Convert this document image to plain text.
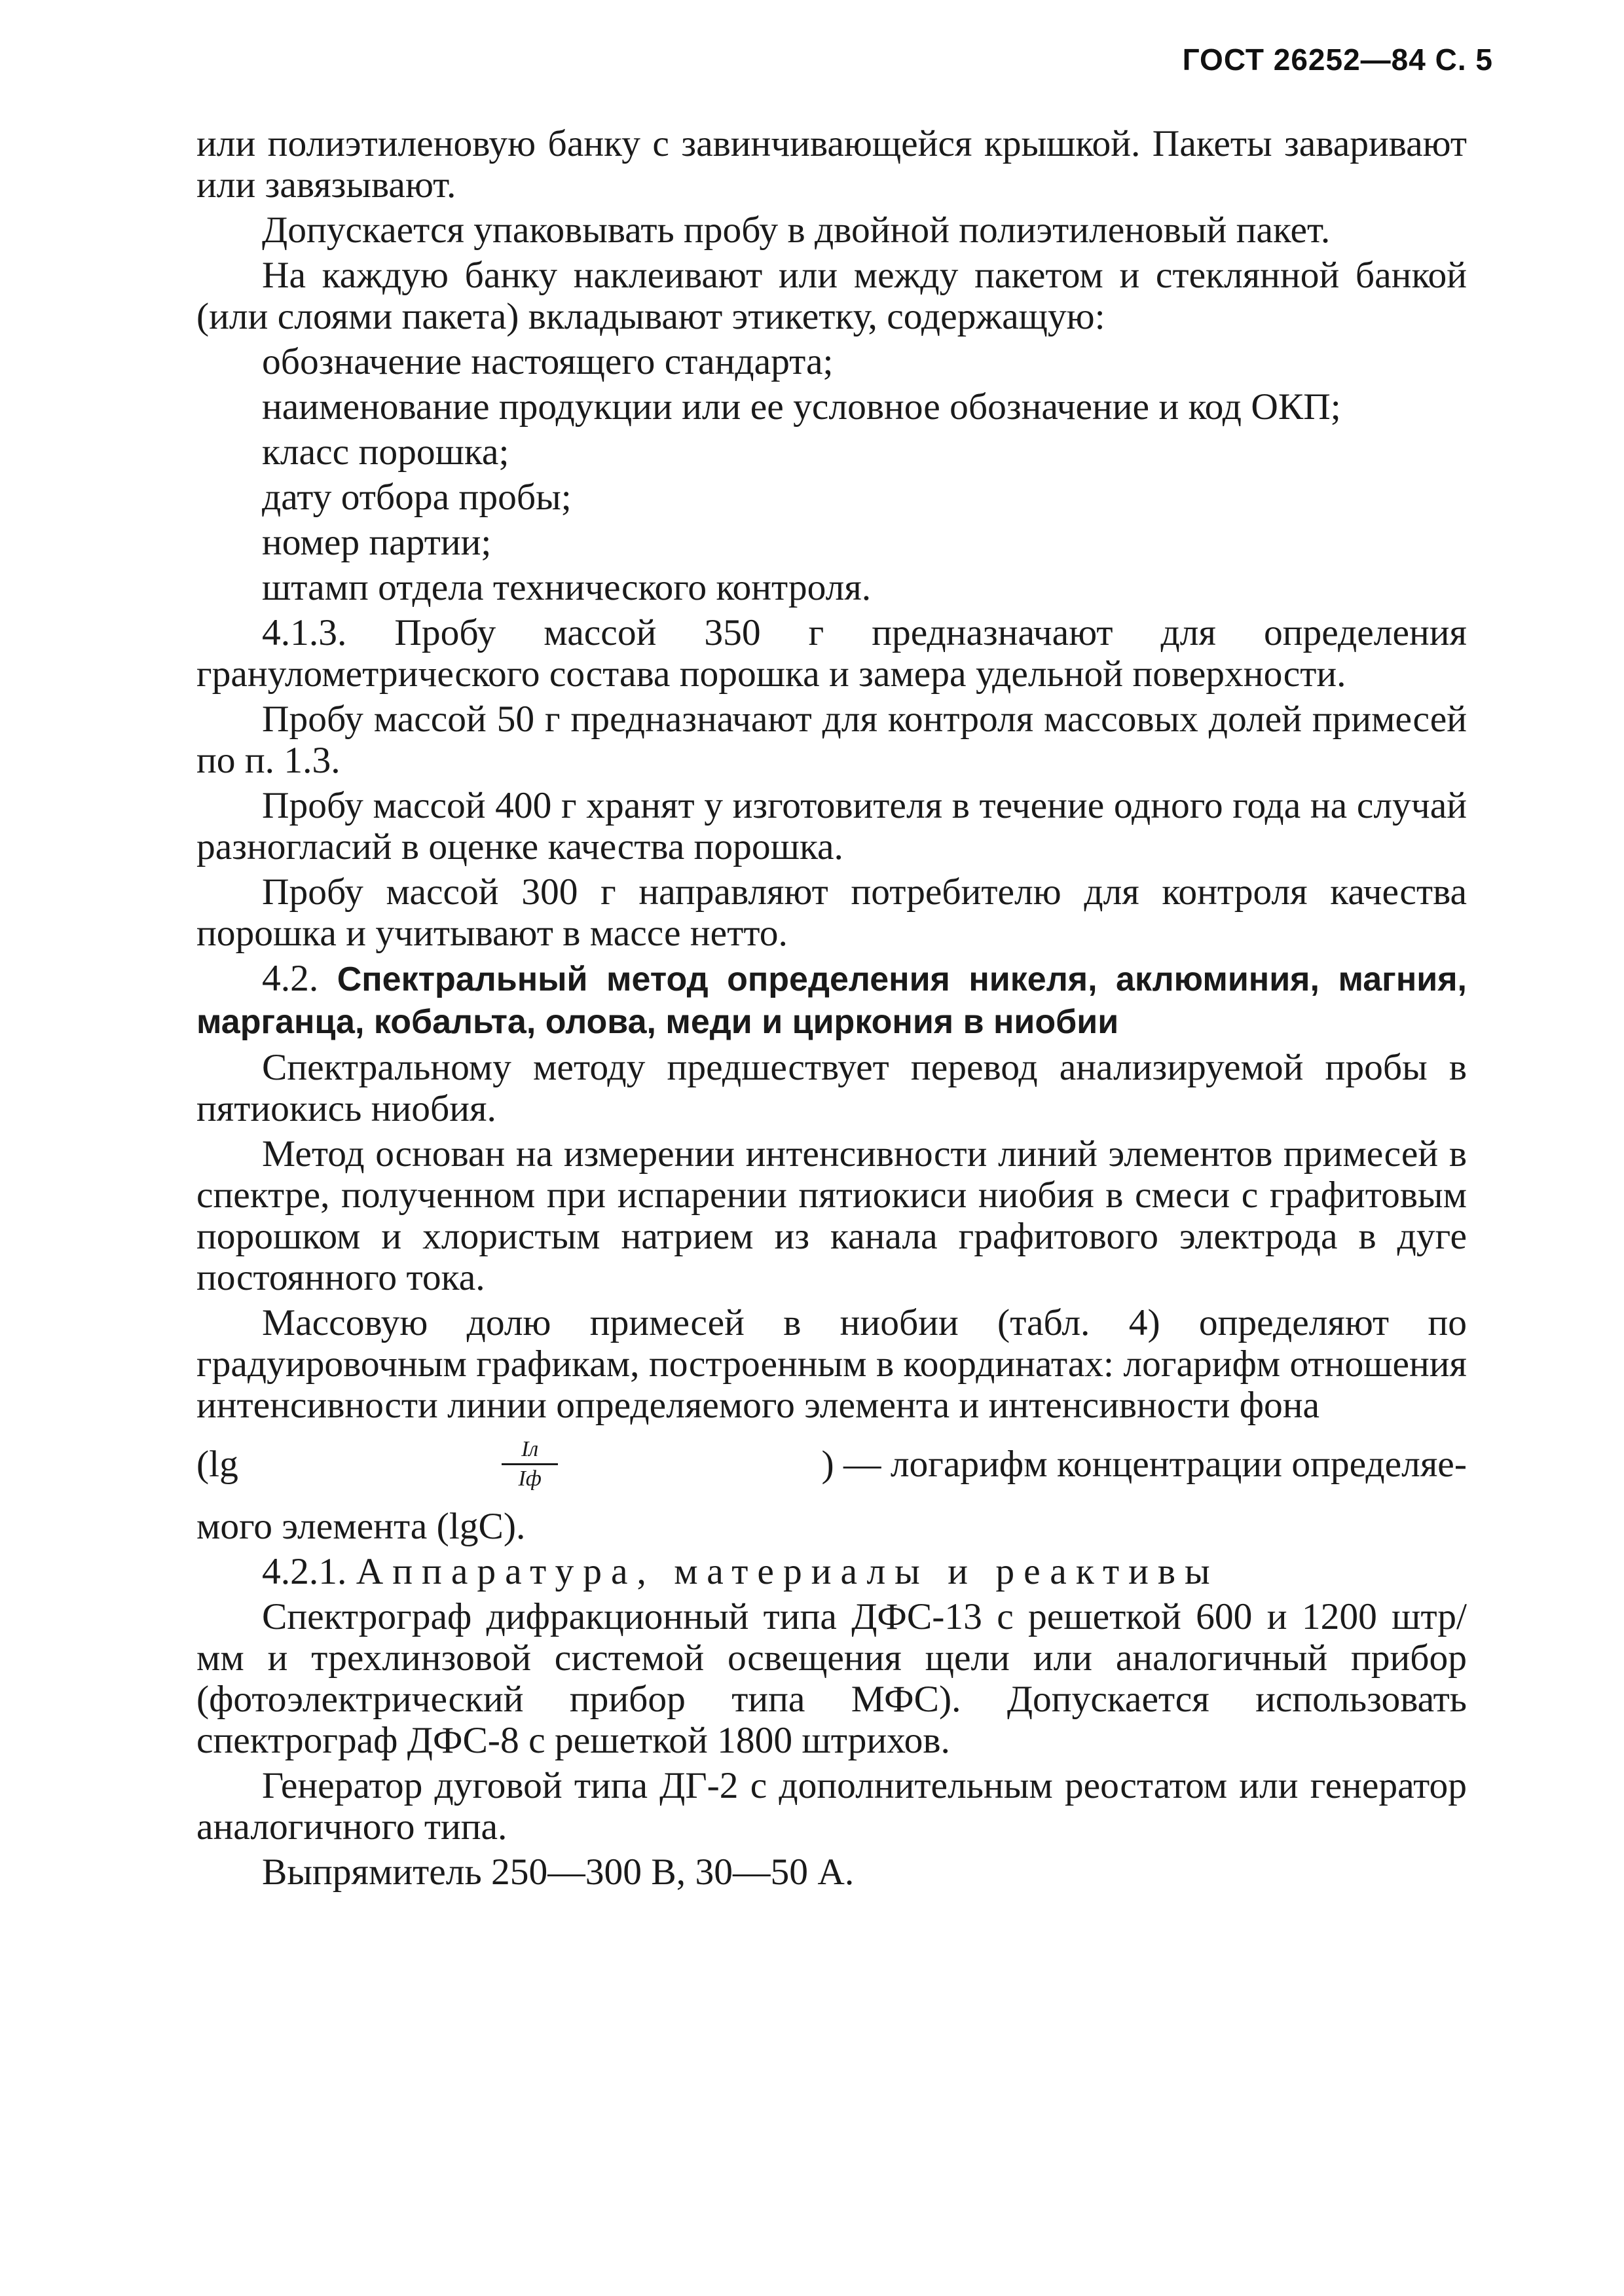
ГОСТ 26252—84 С. 5

или полиэтиленовую банку с завинчивающейся крышкой. Пакеты заваривают или завязывают.

Допускается упаковывать пробу в двойной полиэтиленовый пакет.

На каждую банку наклеивают или между пакетом и стеклянной банкой (или слоями пакета) вкладывают этикетку, содержащую:

обозначение настоящего стандарта;

наименование продукции или ее условное обозначение и код ОКП;

класс порошка;

дату отбора пробы;

номер партии;

штамп отдела технического контроля.

4.1.3. Пробу массой 350 г предназначают для определения гранулометрического состава порошка и замера удельной поверхности.

Пробу массой 50 г предназначают для контроля массовых долей примесей по п. 1.3.

Пробу массой 400 г хранят у изготовителя в течение одного года на случай разногласий в оценке качества порошка.

Пробу массой 300 г направляют потребителю для контроля качества порошка и учитывают в массе нетто.

4.2. Спектральный метод определения никеля, аклюминия, магния, марганца, кобальта, олова, меди и циркония в ниобии

Спектральному методу предшествует перевод анализируемой пробы в пятиокись ниобия.

Метод основан на измерении интенсивности линий элементов примесей в спектре, полученном при испарении пятиокиси ниобия в смеси с графитовым порошком и хлористым натрием из канала графитового электрода в дуге постоянного тока.

Массовую долю примесей в ниобии (табл. 4) определяют по градуировочным графикам, построенным в координатах: логарифм отношения интенсивности линии определяемого элемента и интенсивности фона

(lg	$\frac{Iл}{Iф}$	) — логарифм концентрации определяе-

мого элемента (lgC).

4.2.1. Аппаратура, материалы и реактивы

Спектрограф дифракционный типа ДФС-13 с решеткой 600 и 1200 штр/мм и трехлинзовой системой освещения щели или аналогичный прибор (фотоэлектрический прибор типа МФС). Допускается использовать спектрограф ДФС-8 с решеткой 1800 штрихов.

Генератор дуговой типа ДГ-2 с дополнительным реостатом или генератор аналогичного типа.

Выпрямитель 250—300 В, 30—50 А.
